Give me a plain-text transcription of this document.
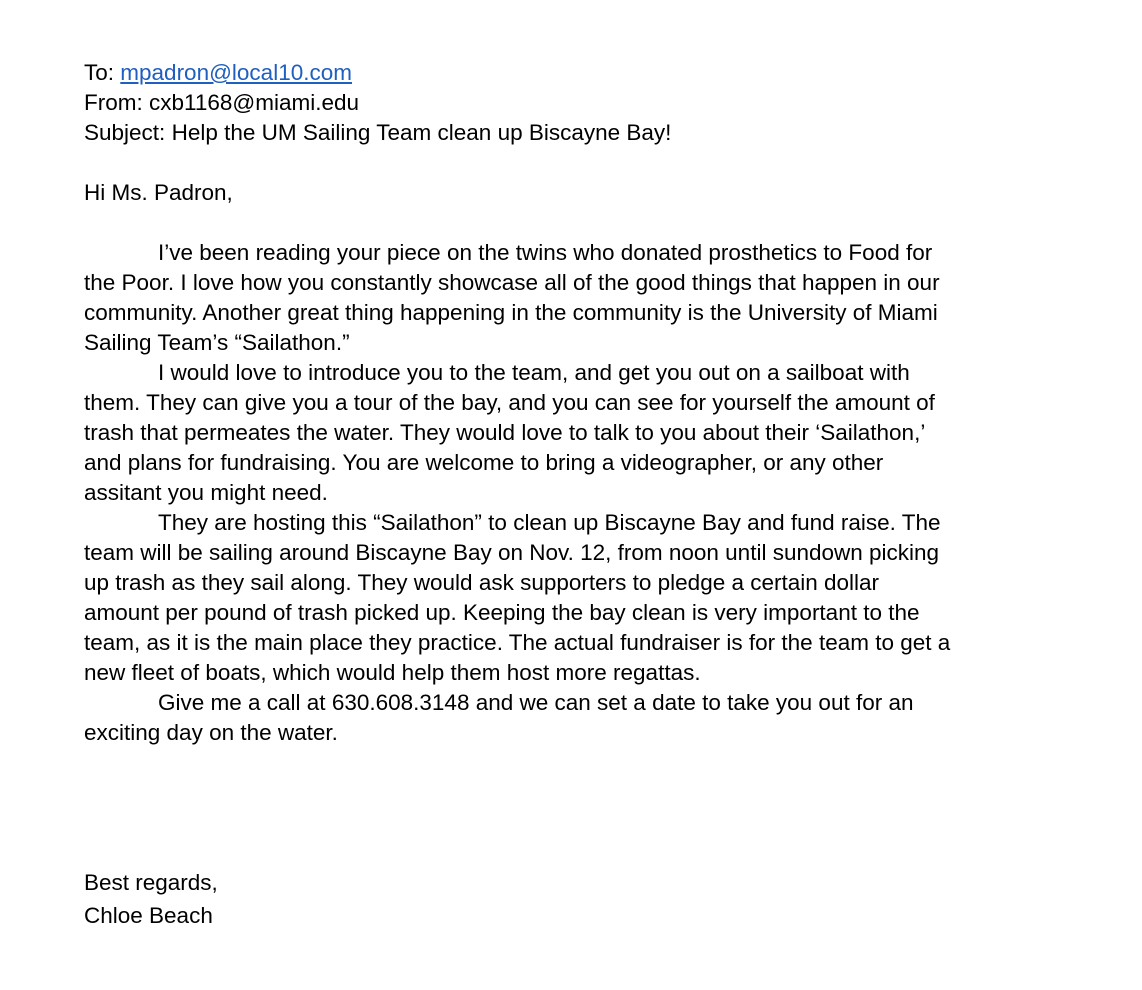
To: mpadron@local10.com
From: cxb1168@miami.edu
Subject: Help the UM Sailing Team clean up Biscayne Bay!
Hi Ms. Padron,
I’ve been reading your piece on the twins who donated prosthetics to Food for
the Poor. I love how you constantly showcase all of the good things that happen in our
community. Another great thing happening in the community is the University of Miami
Sailing Team’s “Sailathon.”
I would love to introduce you to the team, and get you out on a sailboat with
them. They can give you a tour of the bay, and you can see for yourself the amount of
trash that permeates the water. They would love to talk to you about their ‘Sailathon,’
and plans for fundraising. You are welcome to bring a videographer, or any other
assitant you might need.
They are hosting this “Sailathon” to clean up Biscayne Bay and fund raise. The
team will be sailing around Biscayne Bay on Nov. 12, from noon until sundown picking
up trash as they sail along. They would ask supporters to pledge a certain dollar
amount per pound of trash picked up. Keeping the bay clean is very important to the
team, as it is the main place they practice. The actual fundraiser is for the team to get a
new fleet of boats, which would help them host more regattas.
Give me a call at 630.608.3148 and we can set a date to take you out for an
exciting day on the water.
Best regards,
Chloe Beach
